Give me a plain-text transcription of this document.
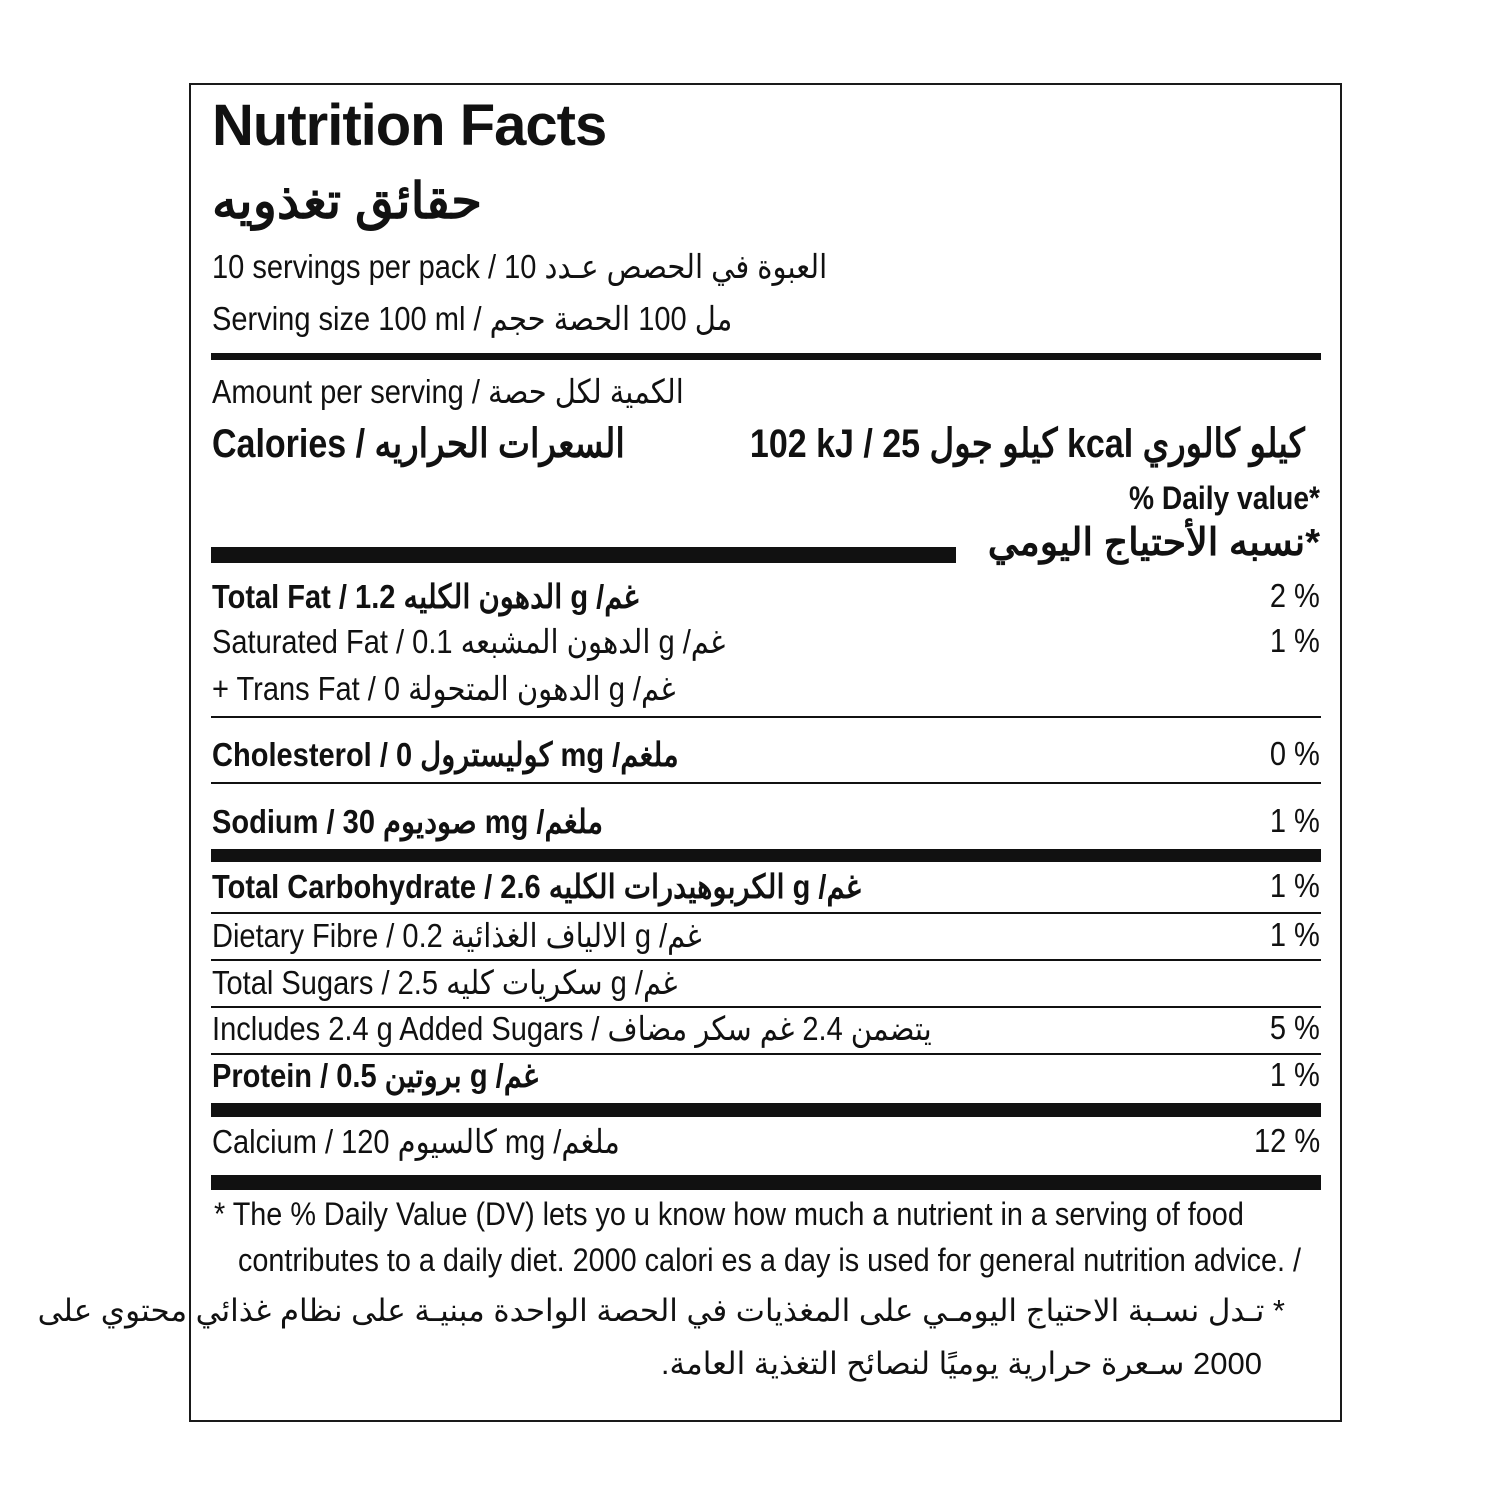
Nutrition Facts
حقائق تغذويه
10 servings per pack / العبوة في الحصص عـدد 10
Serving size 100 ml / مل 100 الحصة حجم
Amount per serving / الكمية لكل حصة
Calories / السعرات الحراريه	102 kJ / كيلو جول 25 kcal كيلو كالوري
% Daily value*
*نسبه الأحتياج اليومي
Total Fat / الدهون الكليه 1.2 g /غم	2 %
Saturated Fat / الدهون المشبعه 0.1 g /غم	1 %
+ Trans Fat / الدهون المتحولة 0 g /غم
Cholesterol / كوليسترول 0 mg /ملغم	0 %
Sodium / صوديوم 30 mg /ملغم	1 %
Total Carbohydrate / الكربوهيدرات الكليه 2.6 g /غم	1 %
Dietary Fibre / الالياف الغذائية 0.2 g /غم	1 %
Total Sugars / سكريات كليه 2.5 g /غم
Includes 2.4 g Added Sugars / يتضمن 2.4 غم سكر مضاف	5 %
Protein / بروتين 0.5 g /غم	1 %
Calcium / كالسيوم 120 mg /ملغم	12 %
* The % Daily Value (DV) lets yo u know how much a nutrient in a serving of food
contributes to a daily diet. 2000 calori es a day is used for general nutrition advice. /
* تـدل نسـبة الاحتياج اليومـي على المغذيات في الحصة الواحدة مبنيـة على نظام غذائي محتوي على
2000 سـعرة حرارية يوميًا لنصائح التغذية العامة.
